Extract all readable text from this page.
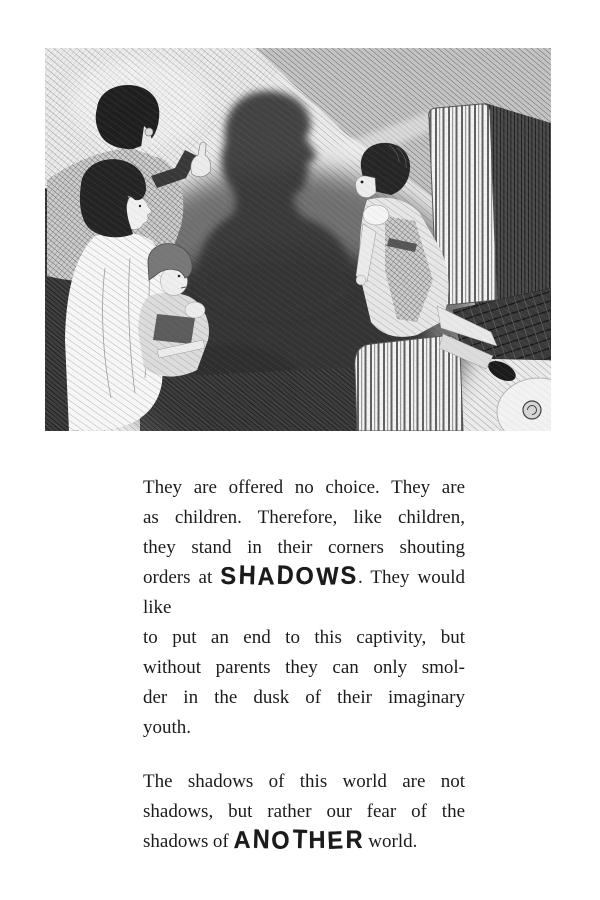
They are offered no choice. They are
as children. Therefore, like children,
they stand in their corners shouting
orders at SHADOWS. They would like
to put an end to this captivity, but
without parents they can only smol-
der in the dusk of their imaginary
youth.
The shadows of this world are not
shadows, but rather our fear of the
shadows of ANOTHER world.
